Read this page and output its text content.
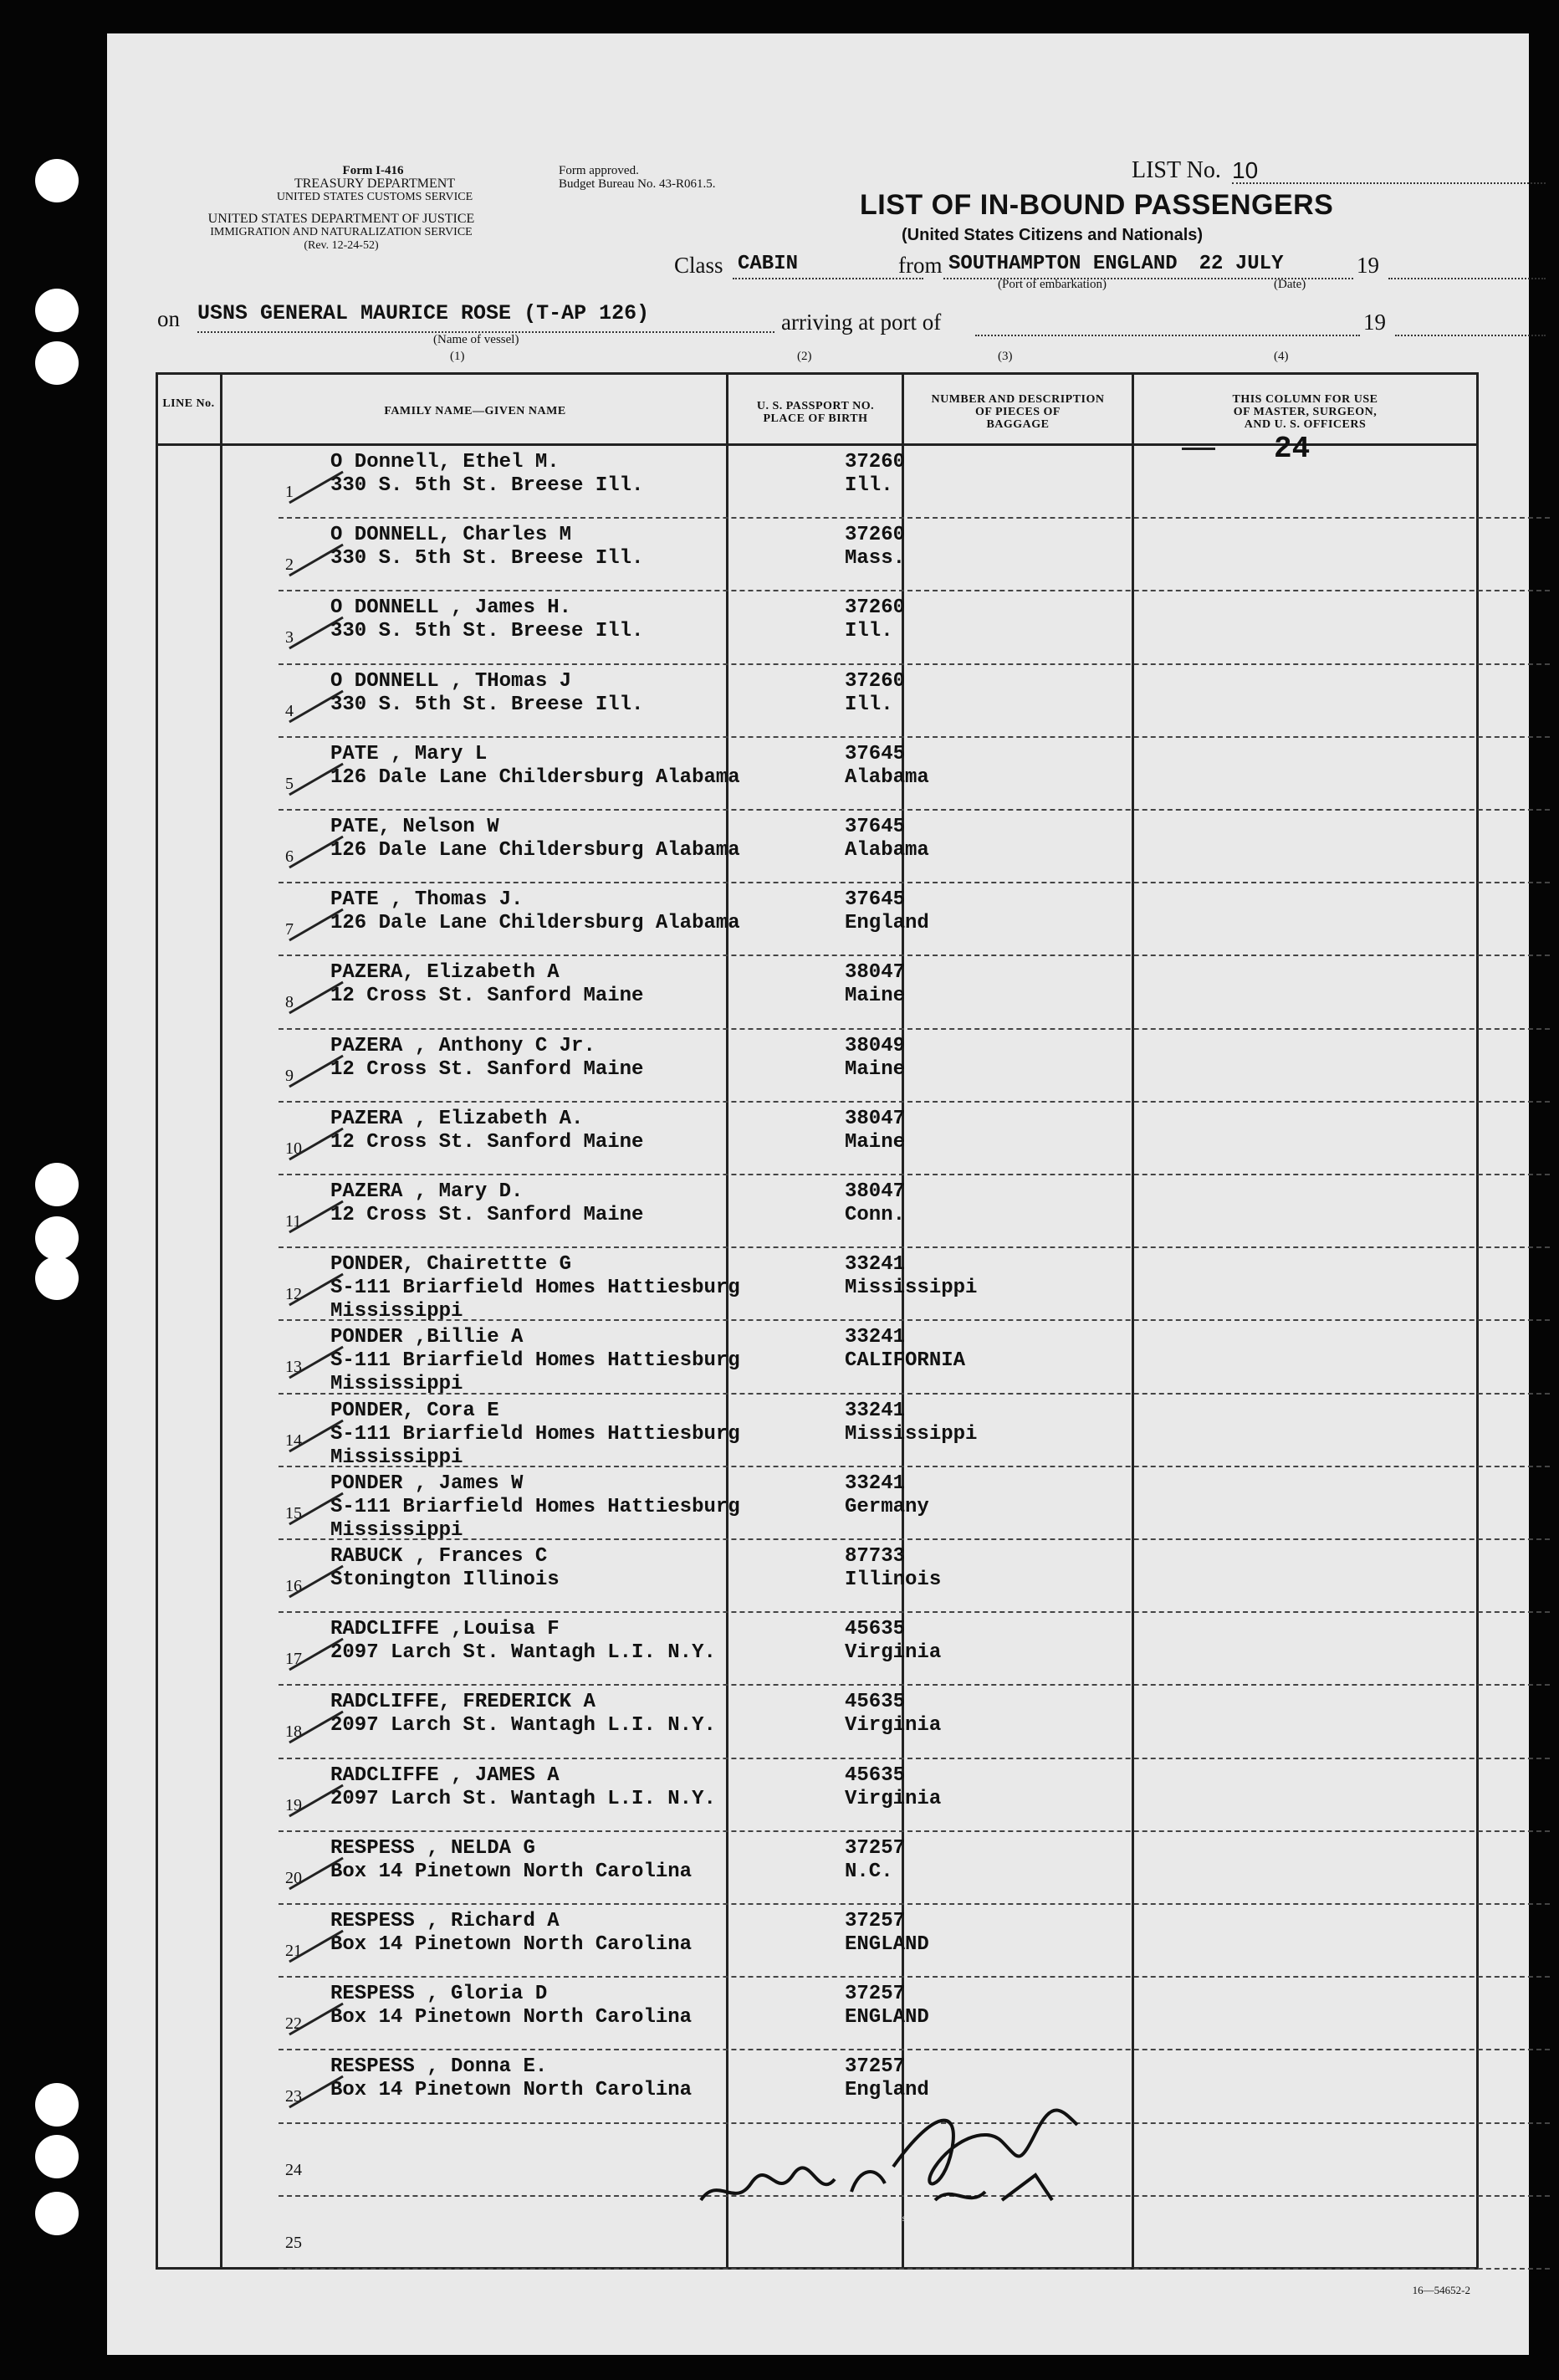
Form I-416
TREASURY DEPARTMENT
UNITED STATES CUSTOMS SERVICE
UNITED STATES DEPARTMENT OF JUSTICE
IMMIGRATION AND NATURALIZATION SERVICE
(Rev. 12-24-52)
Form approved.
Budget Bureau No. 43-R061.5.
LIST No. 10
LIST OF IN-BOUND PASSENGERS
(United States Citizens and Nationals)
Class CABIN	from SOUTHAMPTON ENGLAND 22 JULY	19
(Port of embarkation)	(Date)
on USNS GENERAL MAURICE ROSE (T-AP 126)
(Name of vessel)
arriving at port of	19
(1)	(2)	(3)	(4)
LINE No.
FAMILY NAME—GIVEN NAME	U. S. PASSPORT NO.
PLACE OF BIRTH
NUMBER AND DESCRIPTION
OF PIECES OF
BAGGAGE
THIS COLUMN FOR USE
OF MASTER, SURGEON,
AND U. S. OFFICERS
24
1
O Donnell, Ethel M.
330 S. 5th St. Breese Ill.
37260
Ill.
2
O DONNELL, Charles M
330 S. 5th St. Breese Ill.
37260
Mass.
3
O DONNELL , James H.
330 S. 5th St. Breese Ill.
37260
Ill.
4
O DONNELL , THomas J
330 S. 5th St. Breese Ill.
37260
Ill.
5
PATE , Mary L
126 Dale Lane Childersburg Alabama
37645
Alabama
6
PATE, Nelson W
126 Dale Lane Childersburg Alabama
37645
Alabama
7
PATE , Thomas J.
126 Dale Lane Childersburg Alabama
37645
England
8
PAZERA, Elizabeth A
12 Cross St. Sanford Maine
38047
Maine
9
PAZERA , Anthony C Jr.
12 Cross St. Sanford Maine
38049
Maine
10
PAZERA , Elizabeth A.
12 Cross St. Sanford Maine
38047
Maine
11
PAZERA , Mary D.
12 Cross St. Sanford Maine
38047
Conn.
12
PONDER, Chairettte G
S-111 Briarfield Homes Hattiesburg
Mississippi
33241
Mississippi
13
PONDER ,Billie A
S-111 Briarfield Homes Hattiesburg
Mississippi
33241
CALIFORNIA
14
PONDER, Cora E
S-111 Briarfield Homes Hattiesburg
Mississippi
33241
Mississippi
15
PONDER , James W
S-111 Briarfield Homes Hattiesburg
Mississippi
33241
Germany
16
RABUCK , Frances C
Stonington Illinois
87733
Illinois
17
RADCLIFFE ,Louisa F
2097 Larch St. Wantagh L.I. N.Y.
45635
Virginia
18
RADCLIFFE, FREDERICK A
2097 Larch St. Wantagh L.I. N.Y.
45635
Virginia
19
RADCLIFFE , JAMES A
2097 Larch St. Wantagh L.I. N.Y.
45635
Virginia
20
RESPESS , NELDA G
Box 14 Pinetown North Carolina
37257
N.C.
21
RESPESS , Richard A
Box 14 Pinetown North Carolina
37257
ENGLAND
22
RESPESS , Gloria D
Box 14 Pinetown North Carolina
37257
ENGLAND
23
RESPESS , Donna E.
Box 14 Pinetown North Carolina
37257
England
24
25
Insp. Isuthnil 9th A.H.
16—54652-2
